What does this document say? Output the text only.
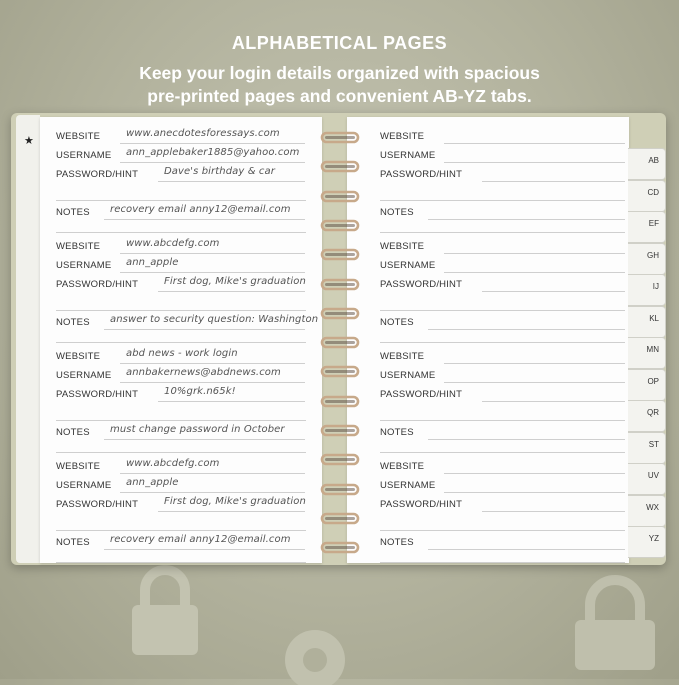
ALPHABETICAL PAGES
Keep your login details organized with spacious
pre-printed pages and convenient AB-YZ tabs.
★
AB
CD
EF
GH
IJ
KL
MN
OP
QR
ST
UV
WX
YZ
WEBSITE	www.anecdotesforessays.com
USERNAME ann_applebaker1885@yahoo.com
PASSWORD/HINT	Dave's birthday & car
NOTES recovery email anny12@email.com
WEBSITE	www.abcdefg.com
USERNAME ann_apple
PASSWORD/HINT	First dog, Mike's graduation
NOTES answer to security question: Washington
WEBSITE	abd news - work login
USERNAME annbakernews@abdnews.com
PASSWORD/HINT	10%grk.n65k!
NOTES must change password in October
WEBSITE	www.abcdefg.com
USERNAME ann_apple
PASSWORD/HINT	First dog, Mike's graduation
NOTES recovery email anny12@email.com
WEBSITE
USERNAME
PASSWORD/HINT
NOTES
WEBSITE
USERNAME
PASSWORD/HINT
NOTES
WEBSITE
USERNAME
PASSWORD/HINT
NOTES
WEBSITE
USERNAME
PASSWORD/HINT
NOTES
